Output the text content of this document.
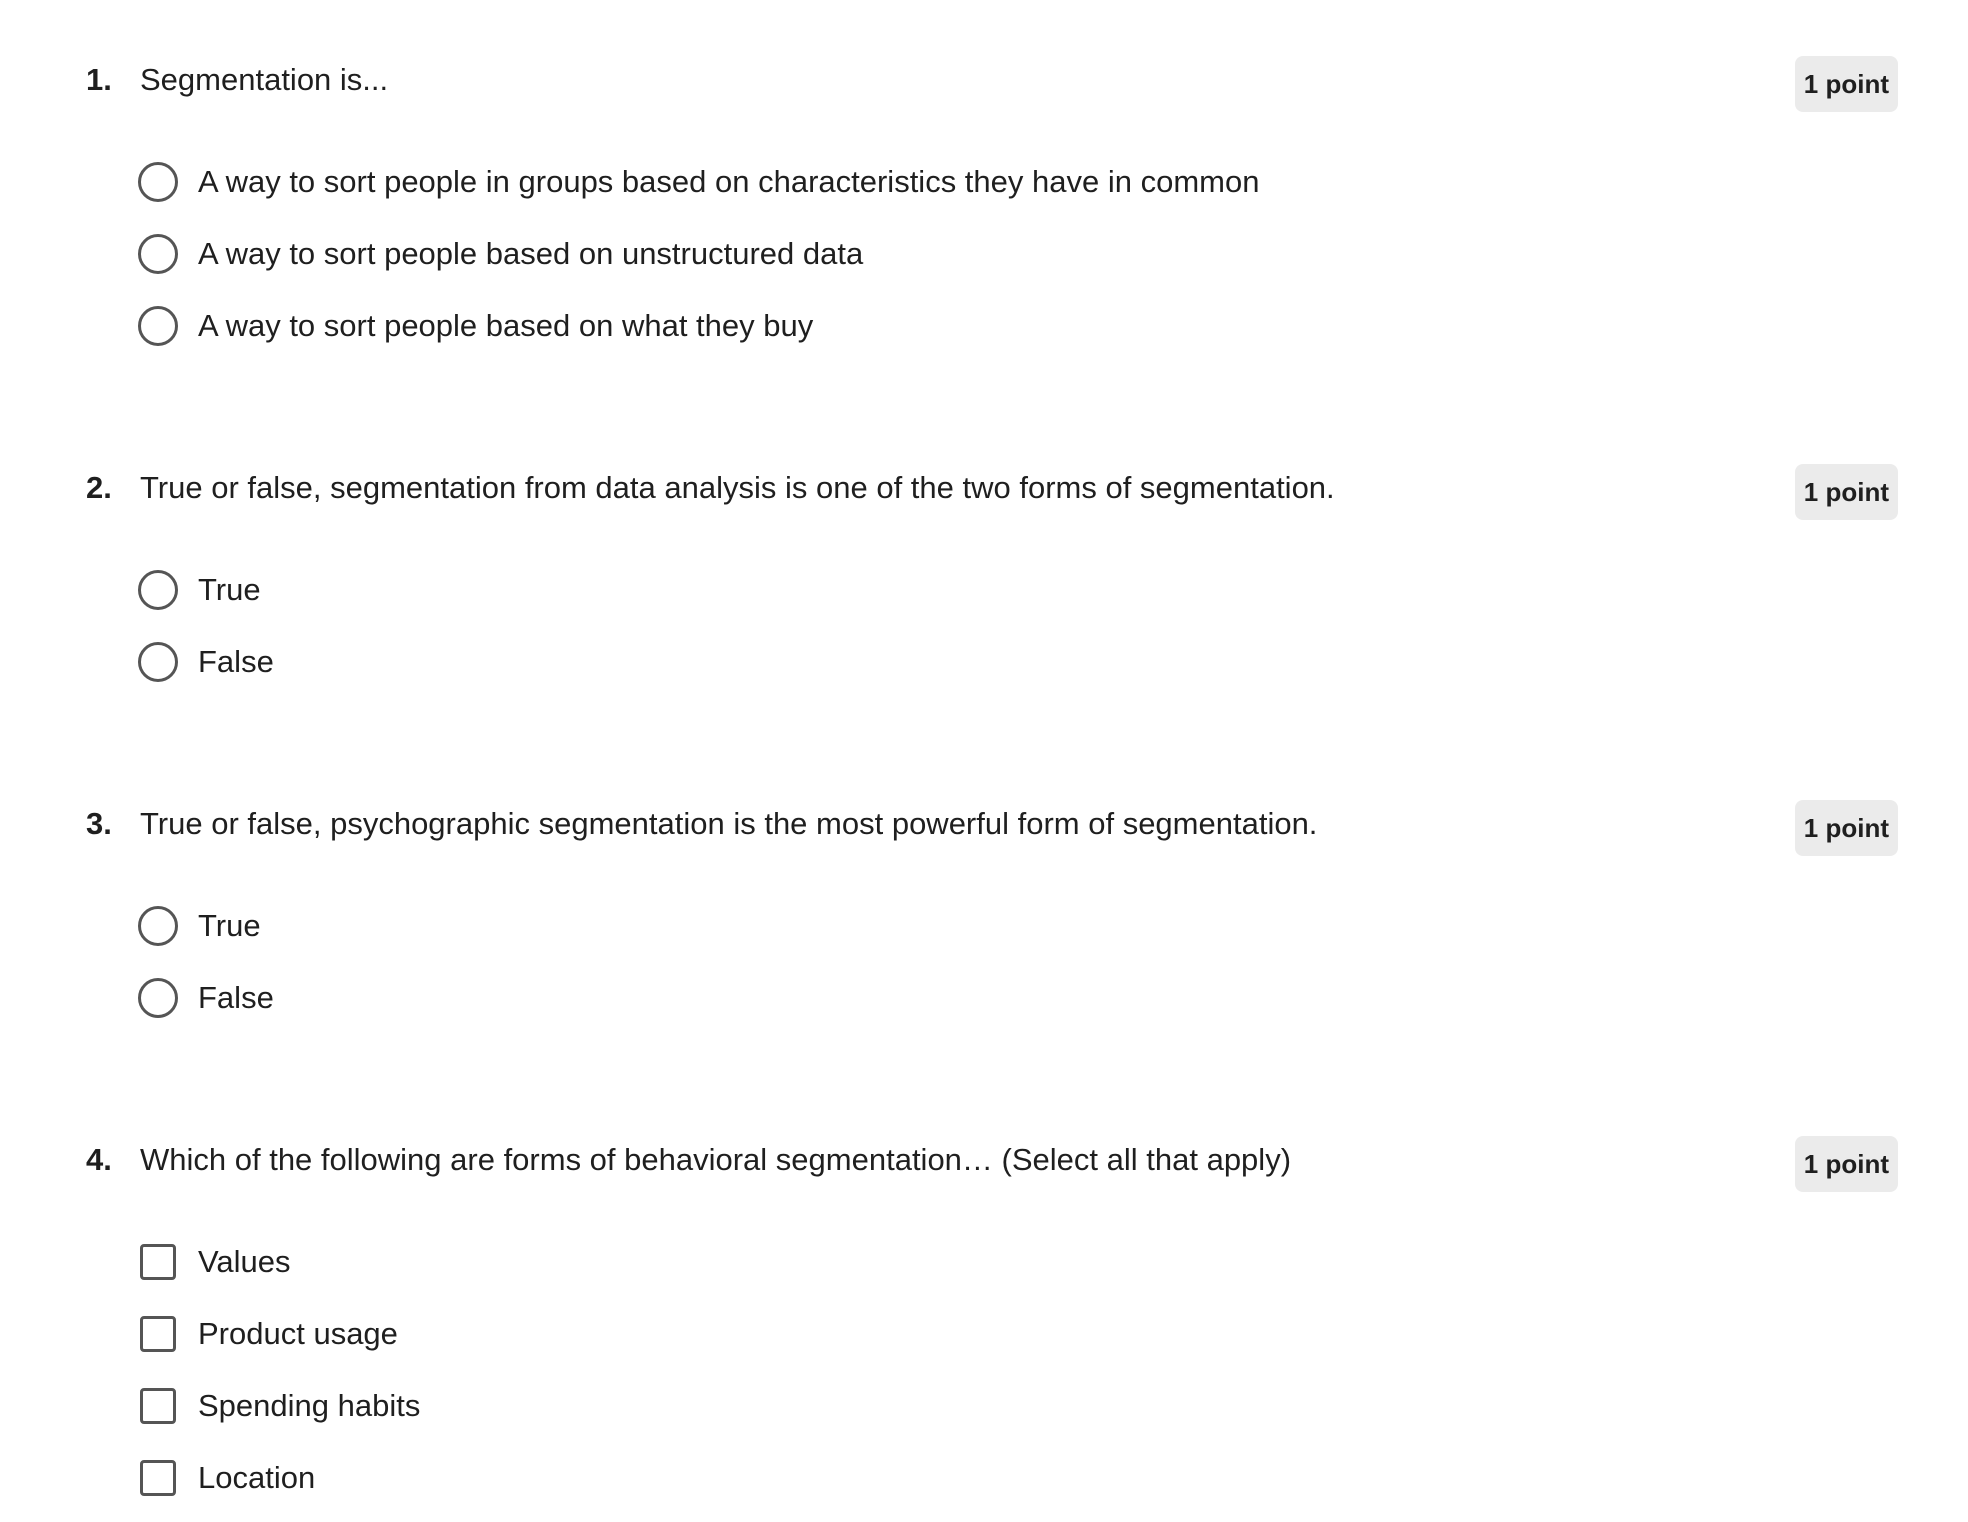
1. Segmentation is...	1 point
A way to sort people in groups based on characteristics they have in common
A way to sort people based on unstructured data
A way to sort people based on what they buy
2. True or false, segmentation from data analysis is one of the two forms of segmentation.	1 point
True
False
3. True or false, psychographic segmentation is the most powerful form of segmentation.	1 point
True
False
4. Which of the following are forms of behavioral segmentation… (Select all that apply)	1 point
Values
Product usage
Spending habits
Location
